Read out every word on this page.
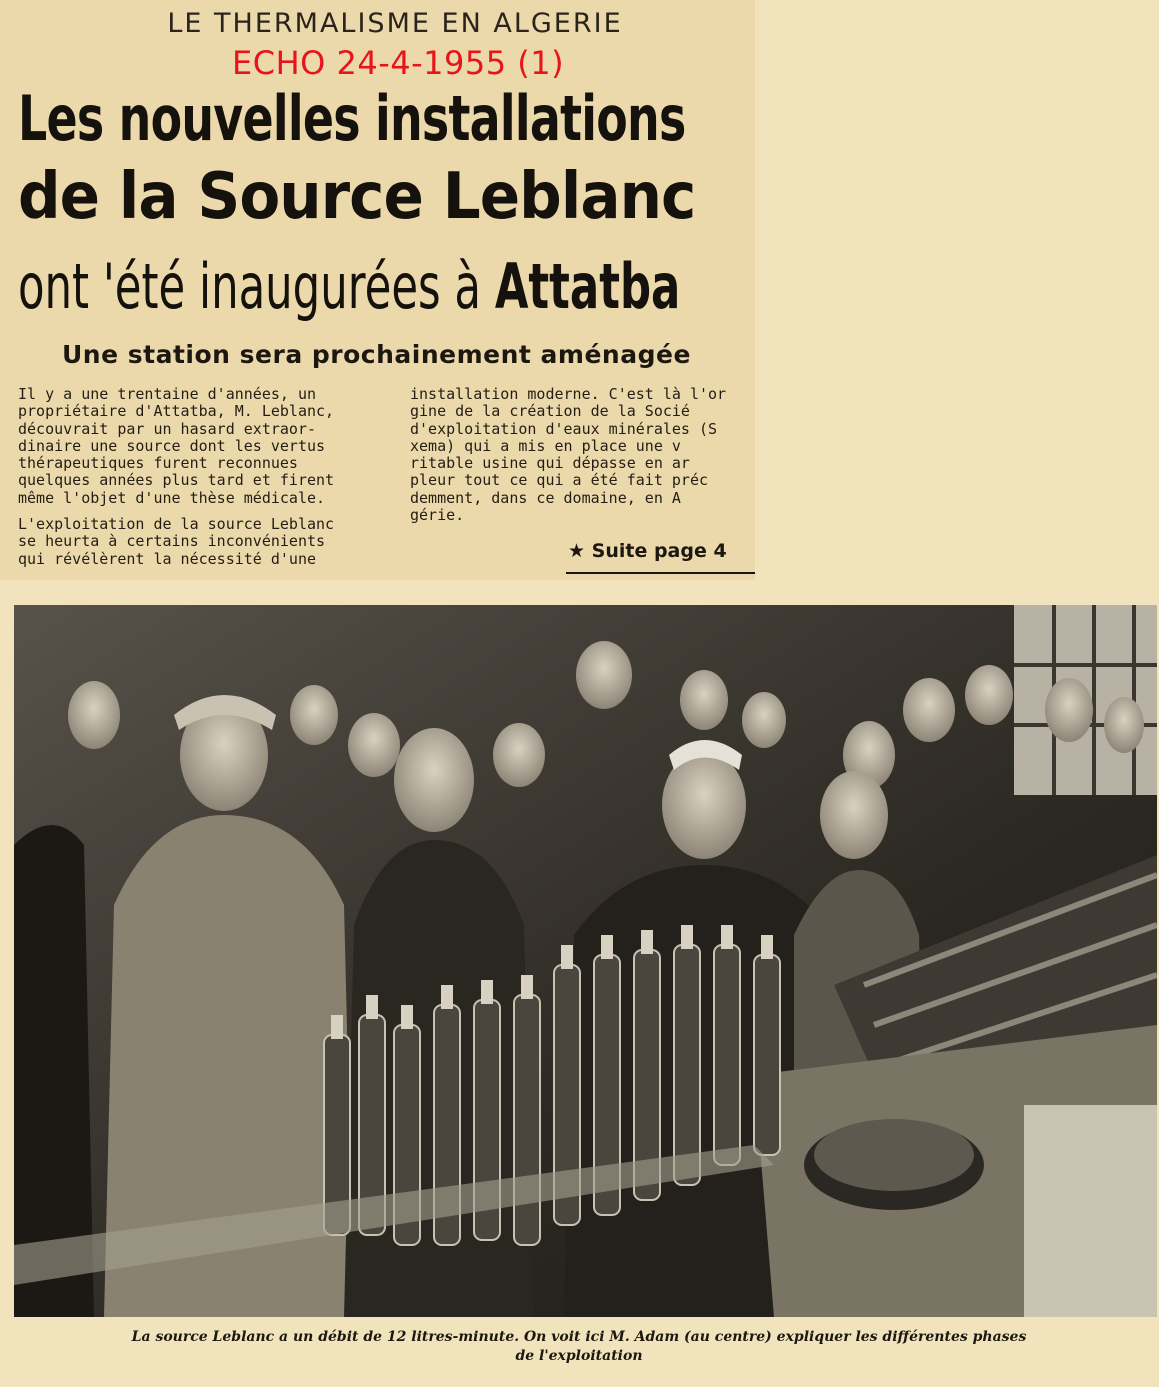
LE THERMALISME EN ALGERIE
ECHO 24-4-1955 (1)
Les nouvelles installations
de la Source Leblanc
ont 'été inaugurées à Attatba
Une station sera prochainement aménagée

Il y a une trentaine d'années, un

propriétaire d'Attatba, M. Leblanc,

découvrait par un hasard extraor-

dinaire une source dont les vertus

thérapeutiques furent reconnues

quelques années plus tard et firent

même l'objet d'une thèse médicale.

L'exploitation de la source Leblanc

se heurta à certains inconvénients

qui révélèrent la nécessité d'une

installation moderne. C'est là l'or

gine de la création de la Socié

d'exploitation d'eaux minérales (S

xema) qui a mis en place une v

ritable usine qui dépasse en ar

pleur tout ce qui a été fait préc

demment, dans ce domaine, en A

gérie.

★ Suite page 4
La source Leblanc a un débit de 12 litres-minute. On voit ici M. Adam (au centre) expliquer les différentes phases
de l'exploitation
